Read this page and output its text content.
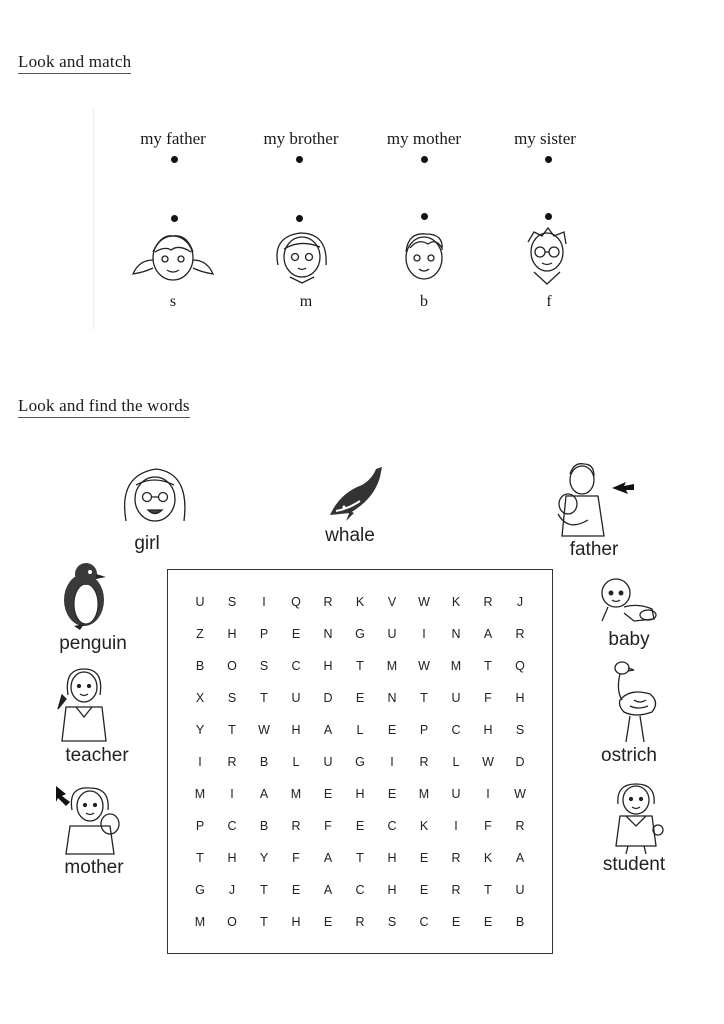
Look and match
my father	my brother	my mother	my sister
s	m	b	f
Look and find the words
girl	whale
father
penguin	baby
teacher	ostrich
mother	student
U	S	I	Q	R	K	V	W	K	R	J
Z	H	P	E	N	G	U	I	N	A	R
B	O	S	C	H	T	M	W	M	T	Q
X	S	T	U	D	E	N	T	U	F	H
Y	T	W	H	A	L	E	P	C	H	S
I	R	B	L	U	G	I	R	L	W	D
M	I	A	M	E	H	E	M	U	I	W
P	C	B	R	F	E	C	K	I	F	R
T	H	Y	F	A	T	H	E	R	K	A
G	J	T	E	A	C	H	E	R	T	U
M	O	T	H	E	R	S	C	E	E	B
